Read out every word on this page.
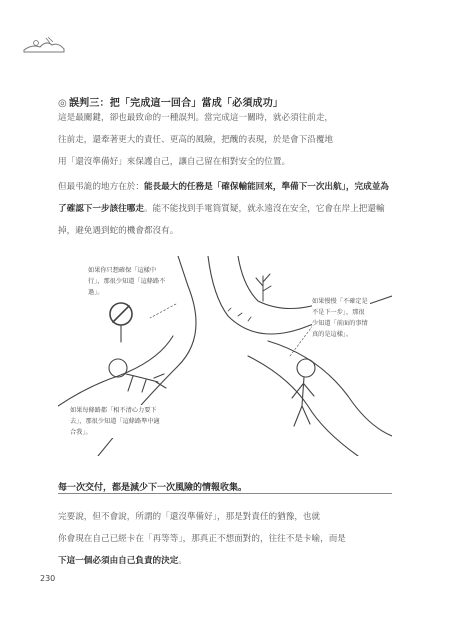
◎ 誤判三：把「完成這一回合」當成「必須成功」

這是最關鍵，卻也最致命的一種誤判。當完成這一關時，就必須往前走，

往前走，還牽著更大的責任、更高的風險，把醜的表現，於是會下沿覆地

用「還沒準備好」來保護自己，讓自己留在相對安全的位置。

但最弔詭的地方在於：能長最大的任務是「確保輸能回來，準備下一次出航」，完成並為了確認下一步該往哪走。能不能找到手電筒質疑，就永遠沒在安全，它會在岸上把還輸掉，避免遇到蛇的機會都沒有。
如果你只想確保「這樣中行」，那很少知道「這條路不過」。
如果慢慢「不確定是不是下一步」，那很少知道「前面的事情真的是這樣」。
如果每條路都「相不清心力要下去」，那很少知道「這條路準中適合我」。
每一次交付，都是減少下一次風險的情報收集。

完要說，但不會說，所謂的「還沒準備好」，那是對責任的猶豫，也就

你會現在自己已經卡在「再等等」，那真正不想面對的，往往不是卡喻，而是

下這一個必須由自己負責的決定。

230
